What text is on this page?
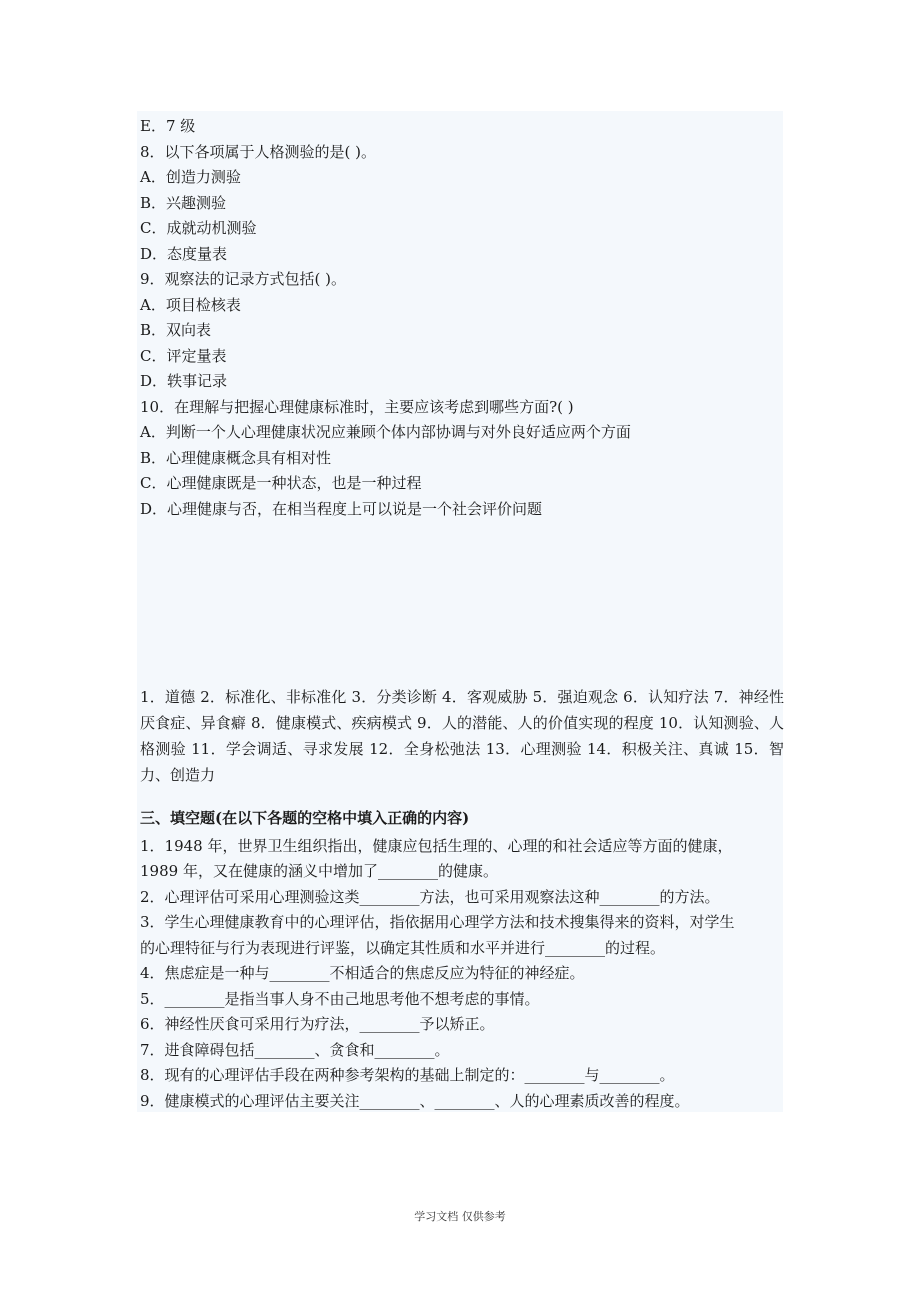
E．7 级
8．以下各项属于人格测验的是( )。
A．创造力测验
B．兴趣测验
C．成就动机测验
D．态度量表
9．观察法的记录方式包括( )。
A．项目检核表
B．双向表
C．评定量表
D．轶事记录
10．在理解与把握心理健康标准时，主要应该考虑到哪些方面?( )
A．判断一个人心理健康状况应兼顾个体内部协调与对外良好适应两个方面
B．心理健康概念具有相对性
C．心理健康既是一种状态，也是一种过程
D．心理健康与否，在相当程度上可以说是一个社会评价问题
1．道德 2．标准化、非标准化 3．分类诊断 4．客观威胁 5．强迫观念 6．认知疗法 7．神经性厌食症、异食癖 8．健康模式、疾病模式 9．人的潜能、人的价值实现的程度 10．认知测验、人格测验 11．学会调适、寻求发展 12．全身松弛法 13．心理测验 14．积极关注、真诚 15．智力、创造力
三、填空题(在以下各题的空格中填入正确的内容)
1．1948 年，世界卫生组织指出，健康应包括生理的、心理的和社会适应等方面的健康，
1989 年，又在健康的涵义中增加了________的健康。
2．心理评估可采用心理测验这类________方法，也可采用观察法这种________的方法。
3．学生心理健康教育中的心理评估，指依据用心理学方法和技术搜集得来的资料，对学生
的心理特征与行为表现进行评鉴，以确定其性质和水平并进行________的过程。
4．焦虑症是一种与________不相适合的焦虑反应为特征的神经症。
5．________是指当事人身不由己地思考他不想考虑的事情。
6．神经性厌食可采用行为疗法，________予以矫正。
7．进食障碍包括________、贪食和________。
8．现有的心理评估手段在两种参考架构的基础上制定的：________与________。
9．健康模式的心理评估主要关注________、________、人的心理素质改善的程度。
学习文档 仅供参考
